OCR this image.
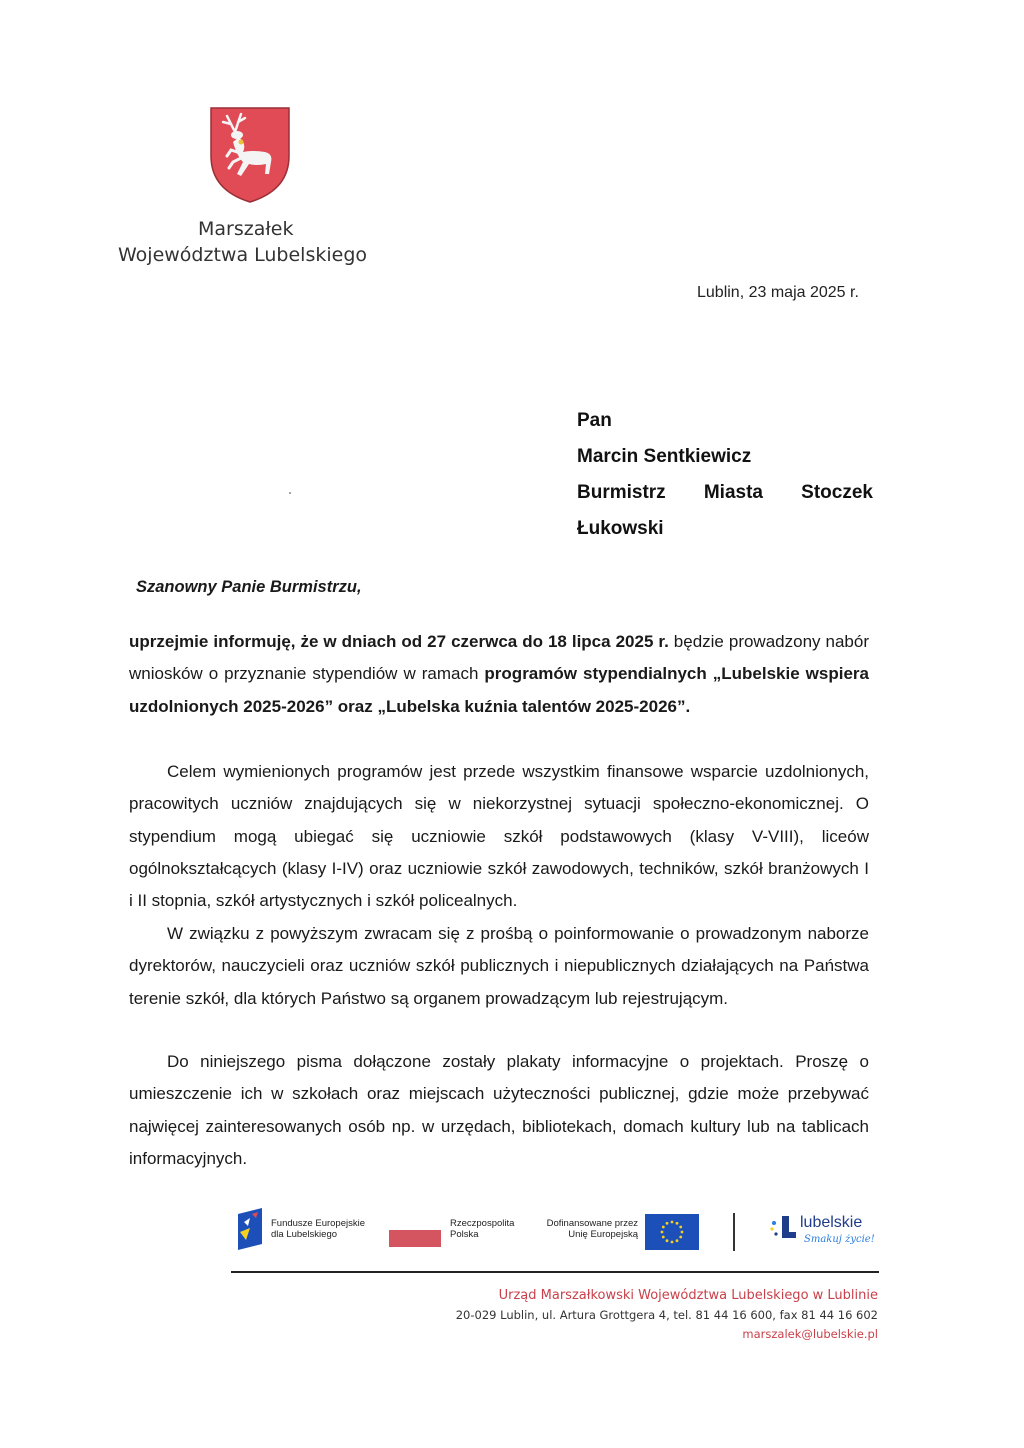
Marszałek
Województwa Lubelskiego
Lublin, 23 maja 2025 r.
Pan
Marcin Sentkiewicz
Burmistrz Miasta Stoczek
Łukowski
Szanowny Panie Burmistrzu,
uprzejmie informuję, że w dniach od 27 czerwca do 18 lipca 2025 r. będzie prowadzony nabór wniosków o przyznanie stypendiów w ramach programów stypendialnych „Lubelskie wspiera uzdolnionych 2025-2026” oraz „Lubelska kuźnia talentów 2025-2026”.
Celem wymienionych programów jest przede wszystkim finansowe wsparcie uzdolnionych, pracowitych uczniów znajdujących się w niekorzystnej sytuacji społeczno-ekonomicznej. O stypendium mogą ubiegać się uczniowie szkół podstawowych (klasy V-VIII), liceów ogólnokształcących (klasy I-IV) oraz uczniowie szkół zawodowych, techników, szkół branżowych I i II stopnia, szkół artystycznych i szkół policealnych.
W związku z powyższym zwracam się z prośbą o poinformowanie o prowadzonym naborze dyrektorów, nauczycieli oraz uczniów szkół publicznych i niepublicznych działających na Państwa terenie szkół, dla których Państwo są organem prowadzącym lub rejestrującym.
Do niniejszego pisma dołączone zostały plakaty informacyjne o projektach. Proszę o umieszczenie ich w szkołach oraz miejscach użyteczności publicznej, gdzie może przebywać najwięcej zainteresowanych osób np. w urzędach, bibliotekach, domach kultury lub na tablicach informacyjnych.
Fundusze Europejskie
dla Lubelskiego
Rzeczpospolita
Polska
Dofinansowane przez
Unię Europejską
lubelskie
Smakuj życie!
Urząd Marszałkowski Województwa Lubelskiego w Lublinie
20-029 Lublin, ul. Artura Grottgera 4, tel. 81 44 16 600, fax 81 44 16 602
marszalek@lubelskie.pl
